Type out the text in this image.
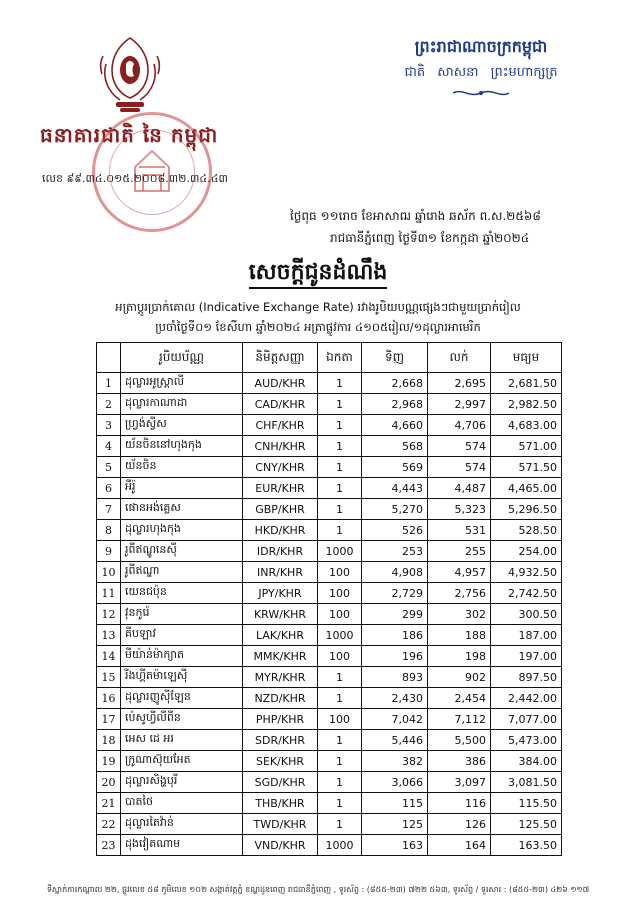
ធនាគារជាតិ នៃ កម្ពុជា
លេខ ៩៩.៣៤.០១៥.២០០៨.៣២.៣៤.៤៣
ព្រះរាជាណាចក្រកម្ពុជា
ជាតិ សាសនា ព្រះមហាក្សត្រ
ថ្ងៃពុធ ១១រោច ខែអាសាឍ ឆ្នាំរោង ឆស័ក ព.ស.២៥៦៨
រាជធានីភ្នំពេញ ថ្ងៃទី៣១ ខែកក្កដា ឆ្នាំ២០២៤
សេចក្តីជូនដំណឹង
អត្រាប្តូរប្រាក់គោល (Indicative Exchange Rate) រវាងរូបិយបណ្ណផ្សេងៗជាមួយប្រាក់រៀល
ប្រចាំថ្ងៃទី០១ ខែសីហា ឆ្នាំ២០២៤ អត្រាផ្លូវការ ៤១០៥រៀល/១ដុល្លារអាមេរិក
	រូបិយប័ណ្ណ	និមិត្តសញ្ញា	ឯកតា	ទិញ	លក់	មធ្យម
1	ដុល្លារអូស្ត្រាលី	AUD/KHR	1	2,668	2,695	2,681.50
2	ដុល្លារកាណាដា	CAD/KHR	1	2,968	2,997	2,982.50
3	ហ្វ្រង់ស្វីស	CHF/KHR	1	4,660	4,706	4,683.00
4	យ័នចិននៅហុងកុង	CNH/KHR	1	568	574	571.00
5	យ័នចិន	CNY/KHR	1	569	574	571.50
6	អឺរ៉ូ	EUR/KHR	1	4,443	4,487	4,465.00
7	ផោនអង់គ្លេស	GBP/KHR	1	5,270	5,323	5,296.50
8	ដុល្លារហុងកុង	HKD/KHR	1	526	531	528.50
9	រូពីឥណ្ឌូនេស៊ី	IDR/KHR	1000	253	255	254.00
10	រូពីឥណ្ឌា	INR/KHR	100	4,908	4,957	4,932.50
11	យេនជប៉ុន	JPY/KHR	100	2,729	2,756	2,742.50
12	វុនកូរ៉េ	KRW/KHR	100	299	302	300.50
13	គីបឡាវ	LAK/KHR	1000	186	188	187.00
14	មីយ៉ាន់ម៉ាក្យាត	MMK/KHR	100	196	198	197.00
15	រីងហ្គីតម៉ាឡេស៊ី	MYR/KHR	1	893	902	897.50
16	ដុល្លារញូស៊ីឡែន	NZD/KHR	1	2,430	2,454	2,442.00
17	ប៉េសូហ្វីលីពីន	PHP/KHR	100	7,042	7,112	7,077.00
18	អេស ដេ អរ	SDR/KHR	1	5,446	5,500	5,473.00
19	ក្រូណាស៊ុយអែត	SEK/KHR	1	382	386	384.00
20	ដុល្លារសិង្ហបុរី	SGD/KHR	1	3,066	3,097	3,081.50
21	បាតថៃ	THB/KHR	1	115	116	115.50
22	ដុល្លារតៃវ៉ាន់	TWD/KHR	1	125	126	125.50
23	ដុងវៀតណាម	VND/KHR	1000	163	164	163.50
ទីស្នាក់ការកណ្តាល ២២, ផ្លូវលេខ ៥៨ ភូមិលេខ ១០២ សង្កាត់វត្តភ្នំ ខណ្ឌដូនពេញ រាជធានីភ្នំពេញ , ទូរស័ព្ទ : (៨៥៥-២៣) ៧២២ ៥៦៣, ទូរស័ព្ទ / ទូរសារ : (៨៥៥-២៣) ៤២៦ ១១៧
